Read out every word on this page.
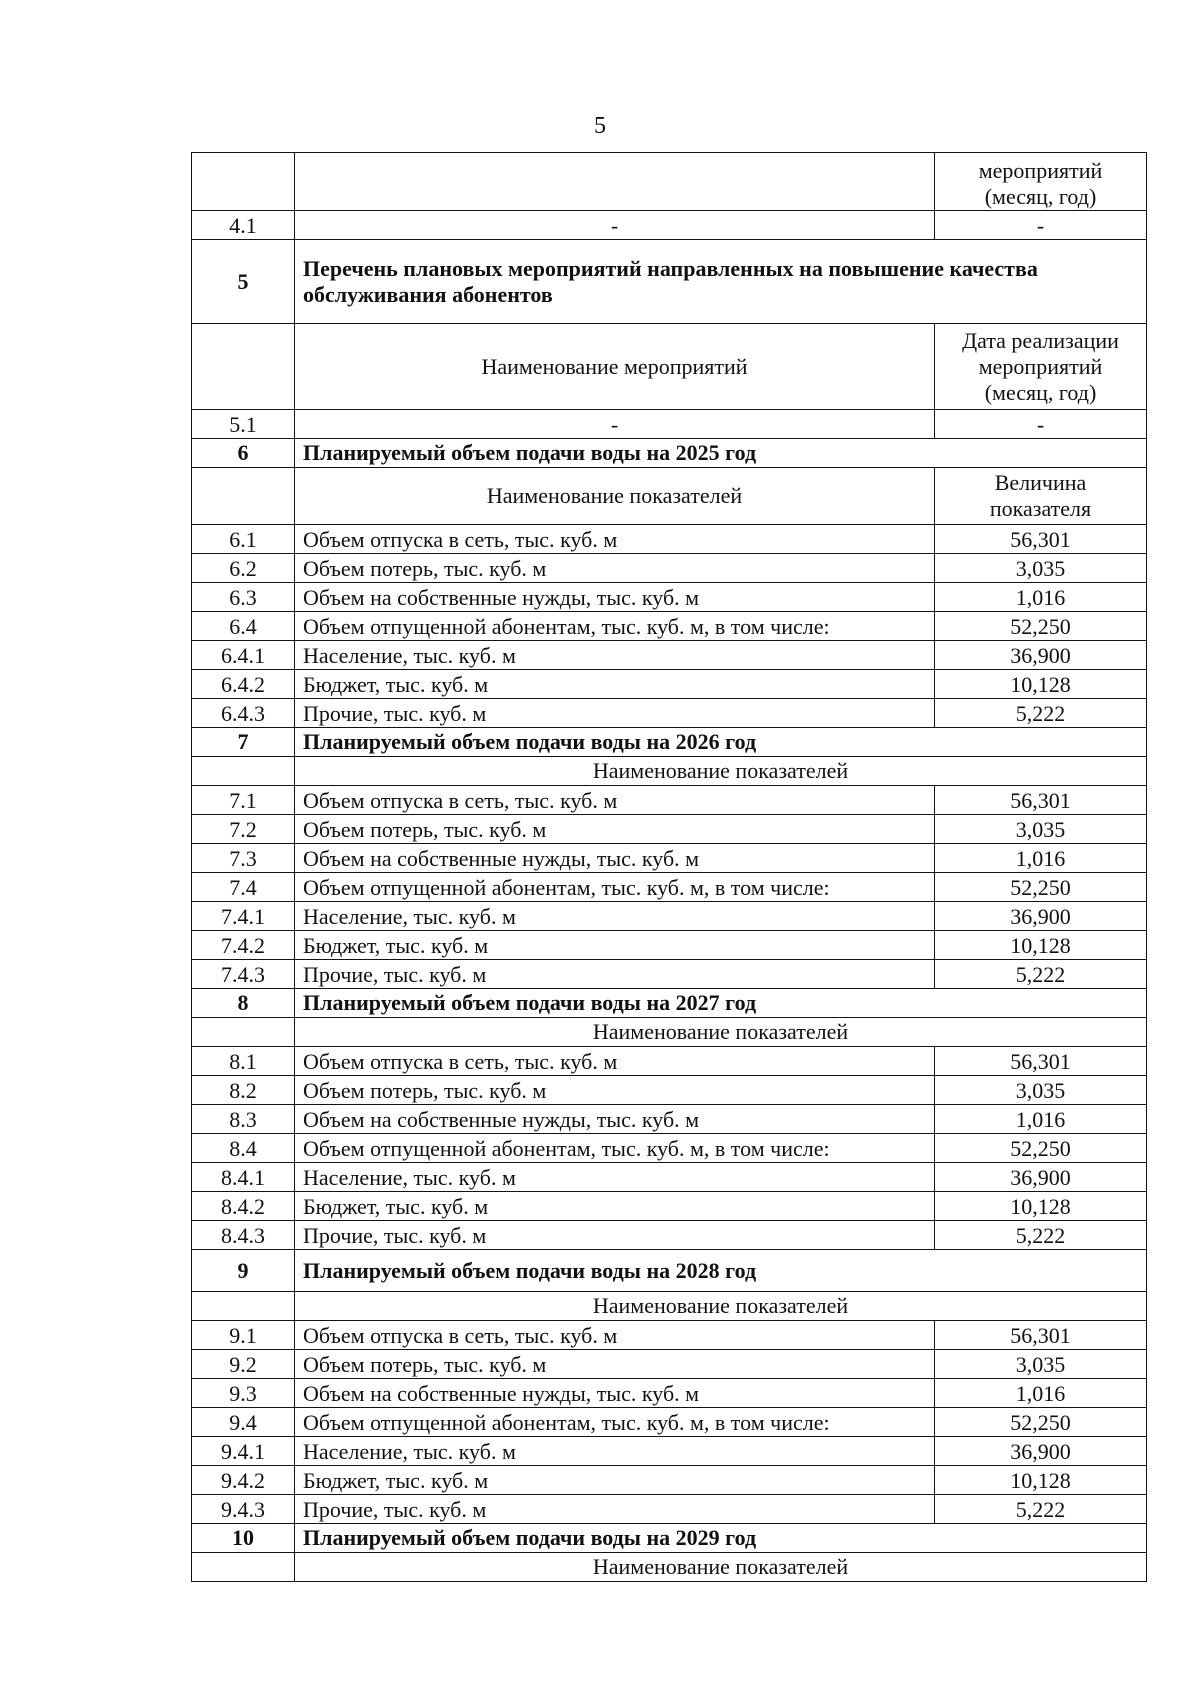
5
		мероприятий (месяц, год)
4.1	-	-
5	Перечень плановых мероприятий направленных на повышение качества обслуживания абонентов	
	Наименование мероприятий	Дата реализации мероприятий (месяц, год)
5.1	-	-
6	Планируемый объем подачи воды на 2025 год	
	Наименование показателей	Величина показателя
6.1	Объем отпуска в сеть, тыс. куб. м	56,301
6.2	Объем потерь, тыс. куб. м	3,035
6.3	Объем на собственные нужды, тыс. куб. м	1,016
6.4	Объем отпущенной абонентам, тыс. куб. м, в том числе:	52,250
6.4.1	Население, тыс. куб. м	36,900
6.4.2	Бюджет, тыс. куб. м	10,128
6.4.3	Прочие, тыс. куб. м	5,222
7	Планируемый объем подачи воды на 2026 год	
	Наименование показателей	
7.1	Объем отпуска в сеть, тыс. куб. м	56,301
7.2	Объем потерь, тыс. куб. м	3,035
7.3	Объем на собственные нужды, тыс. куб. м	1,016
7.4	Объем отпущенной абонентам, тыс. куб. м, в том числе:	52,250
7.4.1	Население, тыс. куб. м	36,900
7.4.2	Бюджет, тыс. куб. м	10,128
7.4.3	Прочие, тыс. куб. м	5,222
8	Планируемый объем подачи воды на 2027 год	
	Наименование показателей	
8.1	Объем отпуска в сеть, тыс. куб. м	56,301
8.2	Объем потерь, тыс. куб. м	3,035
8.3	Объем на собственные нужды, тыс. куб. м	1,016
8.4	Объем отпущенной абонентам, тыс. куб. м, в том числе:	52,250
8.4.1	Население, тыс. куб. м	36,900
8.4.2	Бюджет, тыс. куб. м	10,128
8.4.3	Прочие, тыс. куб. м	5,222
9	Планируемый объем подачи воды на 2028 год	
	Наименование показателей	
9.1	Объем отпуска в сеть, тыс. куб. м	56,301
9.2	Объем потерь, тыс. куб. м	3,035
9.3	Объем на собственные нужды, тыс. куб. м	1,016
9.4	Объем отпущенной абонентам, тыс. куб. м, в том числе:	52,250
9.4.1	Население, тыс. куб. м	36,900
9.4.2	Бюджет, тыс. куб. м	10,128
9.4.3	Прочие, тыс. куб. м	5,222
10	Планируемый объем подачи воды на 2029 год	
	Наименование показателей	
